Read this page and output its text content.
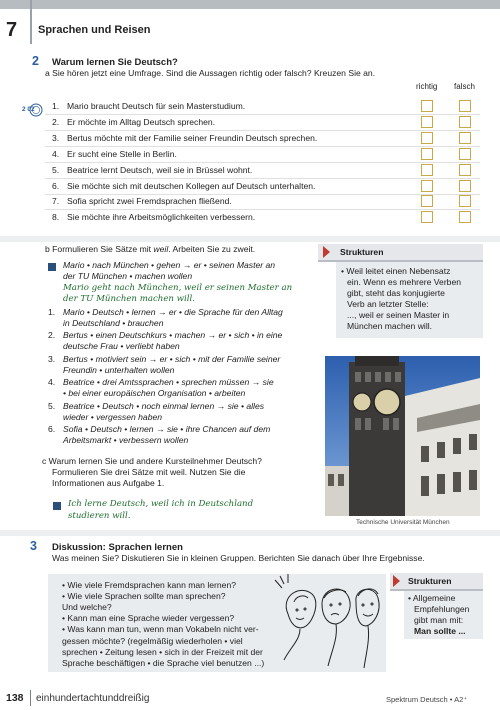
7 Sprachen und Reisen
2 Warum lernen Sie Deutsch?
a Sie hören jetzt eine Umfrage. Sind die Aussagen richtig oder falsch? Kreuzen Sie an.
richtig falsch
2 02 1. Mario braucht Deutsch für sein Masterstudium.
2. Er möchte im Alltag Deutsch sprechen.
3. Bertus möchte mit der Familie seiner Freundin Deutsch sprechen.
4. Er sucht eine Stelle in Berlin.
5. Beatrice lernt Deutsch, weil sie in Brüssel wohnt.
6. Sie möchte sich mit deutschen Kollegen auf Deutsch unterhalten.
7. Sofia spricht zwei Fremdsprachen fließend.
8. Sie möchte ihre Arbeitsmöglichkeiten verbessern.
b Formulieren Sie Sätze mit weil. Arbeiten Sie zu zweit.
Mario • nach München • gehen → er • seinen Master an
der TU München • machen wollen
Mario geht nach München, weil er seinen Master an
der TU München machen will.
1. Mario • Deutsch • lernen → er • die Sprache für den Alltag
in Deutschland • brauchen
2. Bertus • einen Deutschkurs • machen → er • sich • in eine
deutsche Frau • verliebt haben
3. Bertus • motiviert sein → er • sich • mit der Familie seiner
Freundin • unterhalten wollen
4. Beatrice • drei Amtssprachen • sprechen müssen → sie
• bei einer europäischen Organisation • arbeiten
5. Beatrice • Deutsch • noch einmal lernen → sie • alles
wieder • vergessen haben
6. Sofia • Deutsch • lernen → sie • ihre Chancen auf dem
Arbeitsmarkt • verbessern wollen
Strukturen
• Weil leitet einen Nebensatz
ein. Wenn es mehrere Verben
gibt, steht das konjugierte
Verb an letzter Stelle:
..., weil er seinen Master in
München machen will.
Technische Universität München
c Warum lernen Sie und andere Kursteilnehmer Deutsch?
Formulieren Sie drei Sätze mit weil. Nutzen Sie die
Informationen aus Aufgabe 1.
Ich lerne Deutsch, weil ich in Deutschland
studieren will.
3 Diskussion: Sprachen lernen
Was meinen Sie? Diskutieren Sie in kleinen Gruppen. Berichten Sie danach über Ihre Ergebnisse.
• Wie viele Fremdsprachen kann man lernen?
• Wie viele Sprachen sollte man sprechen?
Und welche?
• Kann man eine Sprache wieder vergessen?
• Was kann man tun, wenn man Vokabeln nicht ver-
gessen möchte? (regelmäßig wiederholen • viel
sprechen • Zeitung lesen • sich in der Freizeit mit der
Sprache beschäftigen • die Sprache viel benutzen ...)
Strukturen
• Allgemeine
Empfehlungen
gibt man mit:
Man sollte ...
138 einhundertachtunddreißig	Spektrum Deutsch • A2⁺
